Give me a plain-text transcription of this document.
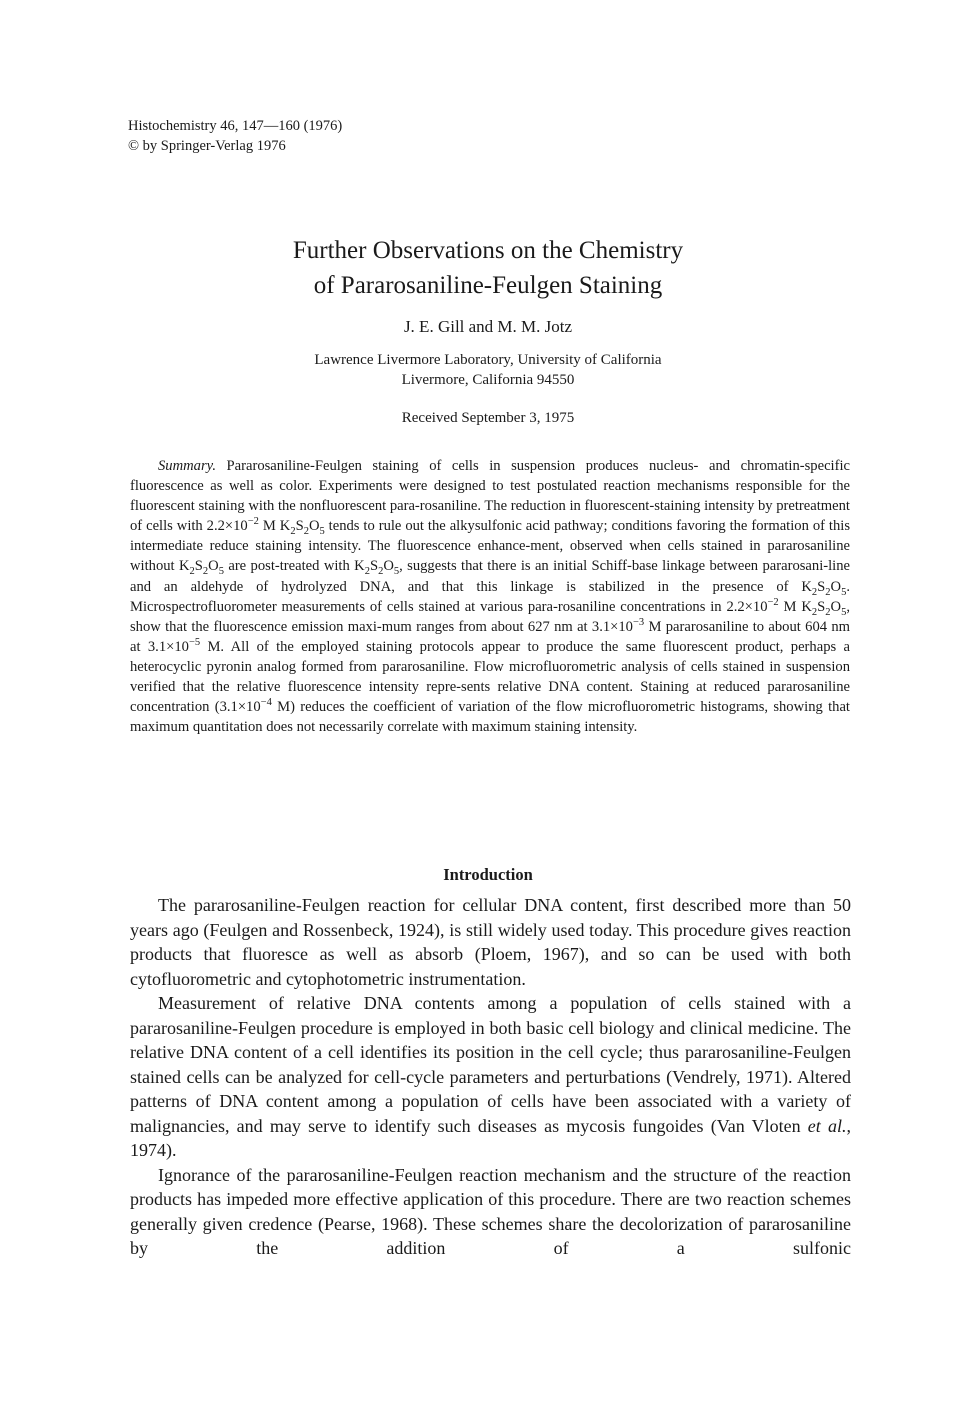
Histochemistry 46, 147—160 (1976)
© by Springer-Verlag 1976
Further Observations on the Chemistry
of Pararosaniline-Feulgen Staining
J. E. Gill and M. M. Jotz
Lawrence Livermore Laboratory, University of California
Livermore, California 94550
Received September 3, 1975
Summary. Pararosaniline-Feulgen staining of cells in suspension produces nucleus- and chromatin-specific fluorescence as well as color. Experiments were designed to test postulated reaction mechanisms responsible for the fluorescent staining with the nonfluorescent para-rosaniline. The reduction in fluorescent-staining intensity by pretreatment of cells with $2.2\times 10^{-2}$ M $K_2S_2O_5$ tends to rule out the alkysulfonic acid pathway; conditions favoring the formation of this intermediate reduce staining intensity. The fluorescence enhance-ment, observed when cells stained in pararosaniline without $K_2S_2O_5$ are post-treated with $K_2S_2O_5$, suggests that there is an initial Schiff-base linkage between pararosani-line and an aldehyde of hydrolyzed DNA, and that this linkage is stabilized in the presence of $K_2S_2O_5$. Microspectrofluorometer measurements of cells stained at various para-rosaniline concentrations in $2.2\times 10^{-2}$ M $K_2S_2O_5$, show that the fluorescence emission maxi-mum ranges from about 627 nm at $3.1\times 10^{-3}$ M pararosaniline to about 604 nm at $3.1\times 10^{-5}$ M. All of the employed staining protocols appear to produce the same fluorescent product, perhaps a heterocyclic pyronin analog formed from pararosaniline. Flow microfluorometric analysis of cells stained in suspension verified that the relative fluorescence intensity repre-sents relative DNA content. Staining at reduced pararosaniline concentration ($3.1\times 10^{-4}$ M) reduces the coefficient of variation of the flow microfluorometric histograms, showing that maximum quantitation does not necessarily correlate with maximum staining intensity.
Introduction

The pararosaniline-Feulgen reaction for cellular DNA content, first described more than 50 years ago (Feulgen and Rossenbeck, 1924), is still widely used today. This procedure gives reaction products that fluoresce as well as absorb (Ploem, 1967), and so can be used with both cytofluorometric and cytophotometric instrumentation.

Measurement of relative DNA contents among a population of cells stained with a pararosaniline-Feulgen procedure is employed in both basic cell biology and clinical medicine. The relative DNA content of a cell identifies its position in the cell cycle; thus pararosaniline-Feulgen stained cells can be analyzed for cell-cycle parameters and perturbations (Vendrely, 1971). Altered patterns of DNA content among a population of cells have been associated with a variety of malignancies, and may serve to identify such diseases as mycosis fungoides (Van Vloten et al., 1974).

Ignorance of the pararosaniline-Feulgen reaction mechanism and the structure of the reaction products has impeded more effective application of this procedure. There are two reaction schemes generally given credence (Pearse, 1968). These schemes share the decolorization of pararosaniline by the addition of a sulfonic
